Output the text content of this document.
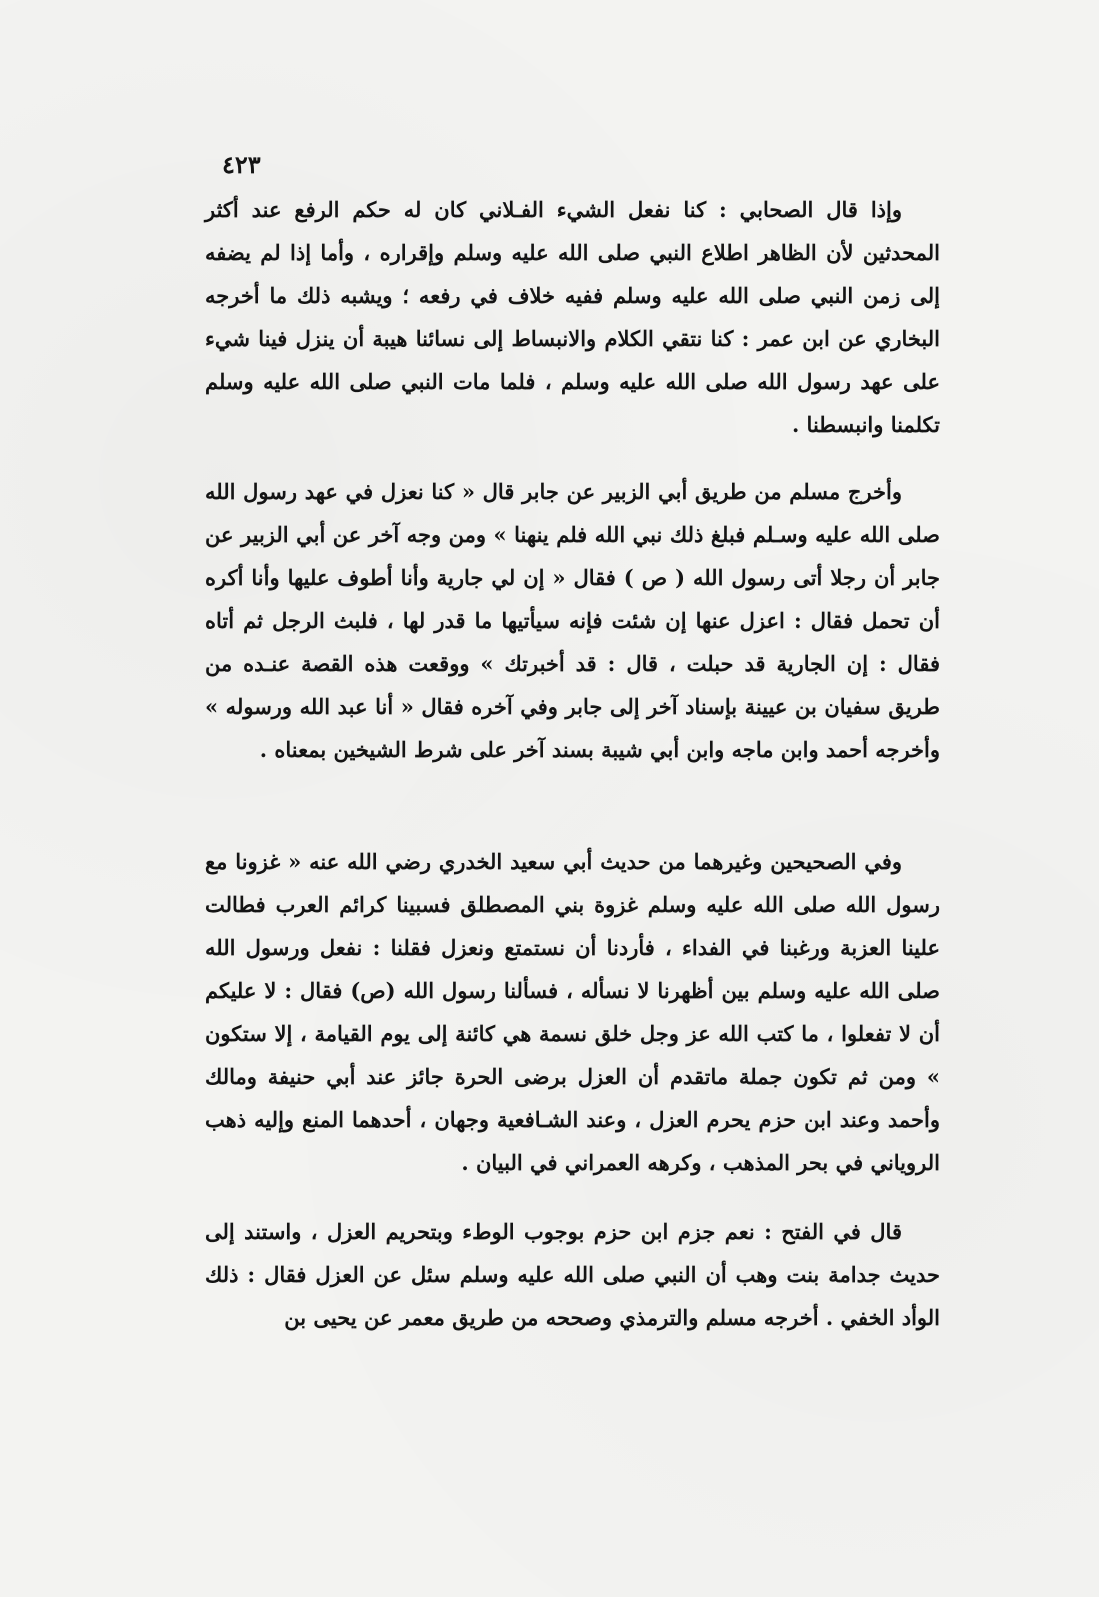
٤٢٣

وإذا قال الصحابي : كنا نفعل الشيء الفـلاني كان له حكم الرفع عند أكثر المحدثين لأن الظاهر اطلاع النبي صلى الله عليه وسلم وإقراره ، وأما إذا لم يضفه إلى زمن النبي صلى الله عليه وسلم ففيه خلاف في رفعه ؛ ويشبه ذلك ما أخرجه البخاري عن ابن عمر : كنا نتقي الكلام والانبساط إلى نسائنا هيبة أن ينزل فينا شيء على عهد رسول الله صلى الله عليه وسلم ، فلما مات النبي صلى الله عليه وسلم تكلمنا وانبسطنا .

وأخرج مسلم من طريق أبي الزبير عن جابر قال « كنا نعزل في عهد رسول الله صلى الله عليه وسـلم فبلغ ذلك نبي الله فلم ينهنا » ومن وجه آخر عن أبي الزبير عن جابر أن رجلا أتى رسول الله ( ص ) فقال « إن لي جارية وأنا أطوف عليها وأنا أكره أن تحمل فقال : اعزل عنها إن شئت فإنه سيأتيها ما قدر لها ، فلبث الرجل ثم أتاه فقال : إن الجارية قد حبلت ، قال : قد أخبرتك » ووقعت هذه القصة عنـده من طريق سفيان بن عيينة بإسناد آخر إلى جابر وفي آخره فقال « أنا عبد الله ورسوله » وأخرجه أحمد وابن ماجه وابن أبي شيبة بسند آخر على شرط الشيخين بمعناه .

وفي الصحيحين وغيرهما من حديث أبي سعيد الخدري رضي الله عنه « غزونا مع رسول الله صلى الله عليه وسلم غزوة بني المصطلق فسبينا كرائم العرب فطالت علينا العزبة ورغبنا في الفداء ، فأردنا أن نستمتع ونعزل فقلنا : نفعل ورسول الله صلى الله عليه وسلم بين أظهرنا لا نسأله ، فسألنا رسول الله (ص) فقال : لا عليكم أن لا تفعلوا ، ما كتب الله عز وجل خلق نسمة هي كائنة إلى يوم القيامة ، إلا ستكون » ومن ثم تكون جملة ماتقدم أن العزل برضى الحرة جائز عند أبي حنيفة ومالك وأحمد وعند ابن حزم يحرم العزل ، وعند الشـافعية وجهان ، أحدهما المنع وإليه ذهب الروياني في بحر المذهب ، وكرهه العمراني في البيان .

قال في الفتح : نعم جزم ابن حزم بوجوب الوطء وبتحريم العزل ، واستند إلى حديث جدامة بنت وهب أن النبي صلى الله عليه وسلم سئل عن العزل فقال : ذلك الوأد الخفي . أخرجه مسلم والترمذي وصححه من طريق معمر عن يحيى بن
